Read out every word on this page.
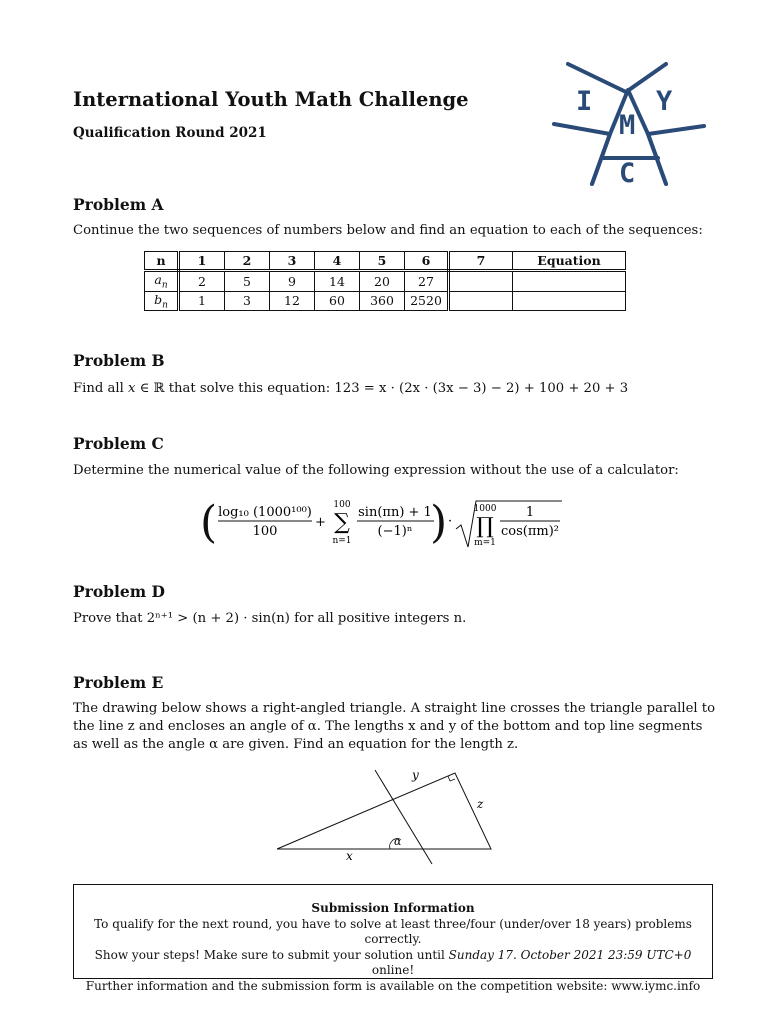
International Youth Math Challenge
Qualification Round 2021
I Y
M
C
Problem A
Continue the two sequences of numbers below and find an equation to each of the sequences:
n	1	2	3	4	5	6	7	Equation
$a_n$	2	5	9	14	20	27		
$b_n$	1	3	12	60	360	2520		
Problem B
Find all x ∈ ℝ that solve this equation: 123 = x · (2x · (3x − 3) − 2) + 100 + 20 + 3
Problem C
Determine the numerical value of the following expression without the use of a calculator:
( log₁₀ (1000¹⁰⁰)
100
+
100
∑
n=1
sin(πn) + 1
(−1)ⁿ ) ·
1000
∏
m=1
1
cos(πm)²
Problem D
Prove that 2ⁿ⁺¹ > (n + 2) · sin(n) for all positive integers n.
Problem E
The drawing below shows a right-angled triangle. A straight line crosses the triangle parallel to
the line z and encloses an angle of α. The lengths x and y of the bottom and top line segments
as well as the angle α are given. Find an equation for the length z.
y
z
x
α
Submission Information
To qualify for the next round, you have to solve at least three/four (under/over 18 years) problems correctly.
Show your steps! Make sure to submit your solution until Sunday 17. October 2021 23:59 UTC+0 online!
Further information and the submission form is available on the competition website: www.iymc.info
